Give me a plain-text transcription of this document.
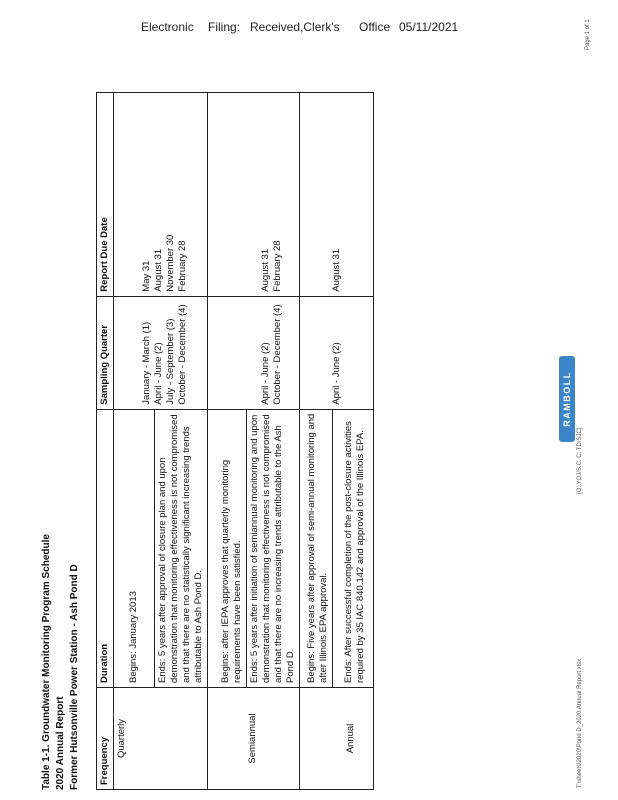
Electronic Filing: Received,Clerk's Office 05/11/2021	Page 1 of 1
RAMBOLL
Table 1-1. Groundwater Monitoring Program Schedule 2020 Annual Report Former Hutsonville Power Station - Ash Pond D Frequency	Duration	Sampling Quarter	Report Due Date
Quarterly	Begins: January 2013	January - March (1) April - June (2) July - September (3) October - December (4)	May 31 August 31 November 30 February 28

	Ends: 5 years after approval of closure plan and upon demonstration that monitoring effectiveness is not compromised and that there are no statistically significant increasing trends attributable to Ash Pond D.		

Semiannual	Begins: after IEPA approves that quarterly monitoring requirements have been satisfied.	April - June (2) October - December (4)	August 31 February 28

	Ends: 5 years after initiation of semiannual monitoring and upon demonstration that monitoring effectiveness is not compromised and that there are no increasing trends attributable to the Ash Pond D.		

Annual	Begins: Five years after approval of semi-annual monitoring and after Illinois EPA approval.	April - June (2)	August 31

	Ends: After successful completion of the post-closure activities required by 35 IAC 840.142 and approval of the Illinois EPA.		
T:\sheets\2020\Pond D_2020 Annual Report.xlsx
[O: YOJ/S.C. C: TD/SJC]
